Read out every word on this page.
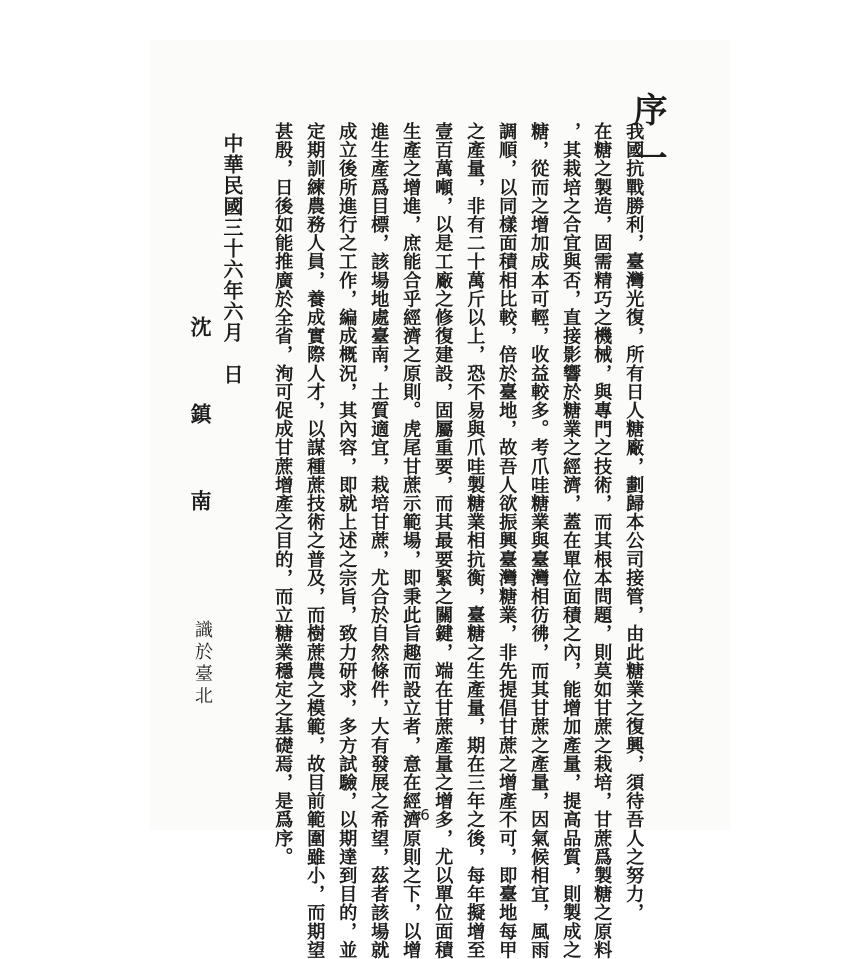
序一
我國抗戰勝利，臺灣光復，所有日人糖廠，劃歸本公司接管，由此糖業之復興，須待吾人之努力，
在糖之製造，固需精巧之機械，與專門之技術，而其根本問題，則莫如甘蔗之栽培，甘蔗爲製糖之原料
，其栽培之合宜與否，直接影響於糖業之經濟，蓋在單位面積之內，能增加產量，提高品質，則製成之
糖，從而之增加成本可輕，收益較多。考爪哇糖業與臺灣相彷彿，而其甘蔗之產量，因氣候相宜，風雨
調順，以同樣面積相比較，倍於臺地，故吾人欲振興臺灣糖業，非先提倡甘蔗之增產不可，即臺地每甲
之產量，非有二十萬斤以上，恐不易與爪哇製糖業相抗衡，臺糖之生產量，期在三年之後，每年擬增至
壹百萬噸，以是工廠之修復建設，固屬重要，而其最要緊之關鍵，端在甘蔗產量之增多，尤以單位面積
生產之增進，庶能合乎經濟之原則。虎尾甘蔗示範場，即秉此旨趣而設立者，意在經濟原則之下，以增
進生產爲目標，該場地處臺南，土質適宜，栽培甘蔗，尤合於自然條件，大有發展之希望，茲者該場就
成立後所進行之工作，編成概況，其內容，即就上述之宗旨，致力研求，多方試驗，以期達到目的，並
定期訓練農務人員，養成實際人才，以謀種蔗技術之普及，而樹蔗農之模範，故目前範圍雖小，而期望
甚殷，日後如能推廣於全省，洵可促成甘蔗增產之目的，而立糖業穩定之基礎焉，是爲序。
中華民國三十六年六月　日
沈鎮南
識於臺北
6
